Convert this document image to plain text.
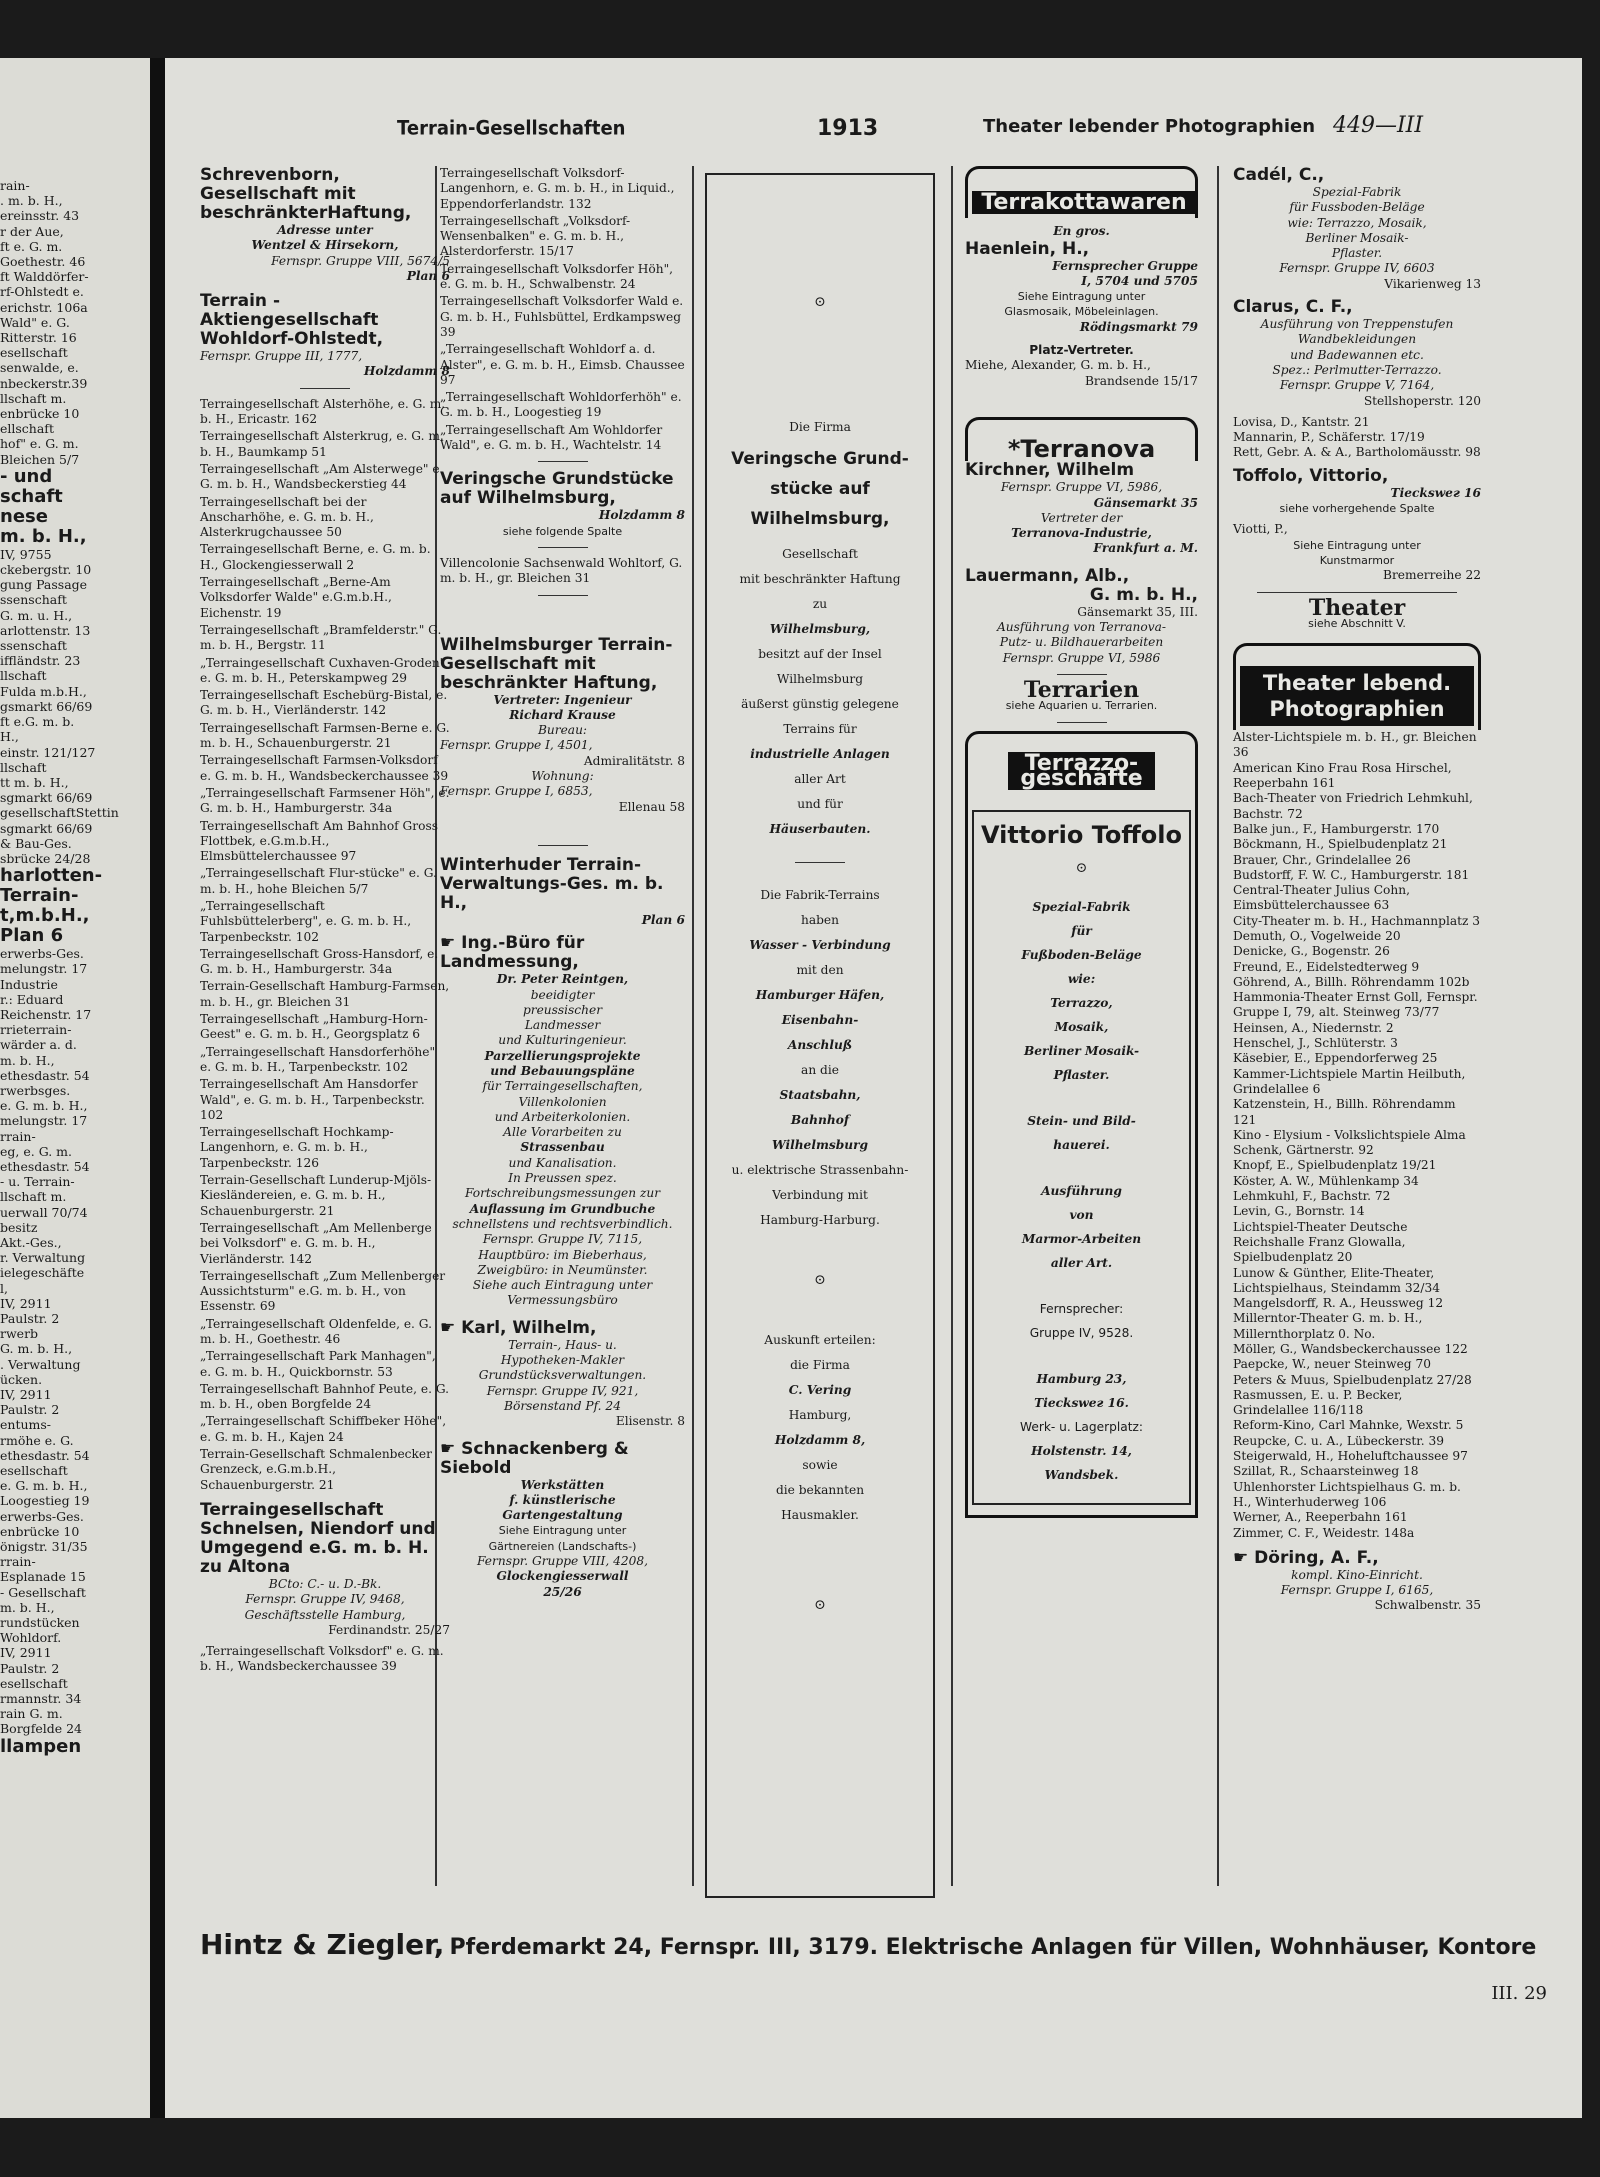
rain-
. m. b. H.,
ereinsstr. 43
r der Aue,
ft e. G. m.
Goethestr. 46
ft Walddörfer-
rf-Ohlstedt e.
erichstr. 106a
Wald" e. G.
Ritterstr. 16
esellschaft
senwalde, e.
nbeckerstr.39
llschaft m.
enbrücke 10
ellschaft
hof" e. G. m.
Bleichen 5/7
- und
schaft
nese
m. b. H.,
IV, 9755
ckebergstr. 10
gung Passage
ssenschaft
G. m. u. H.,
arlottenstr. 13
ssenschaft
iffländstr. 23
llschaft
Fulda m.b.H.,
gsmarkt 66/69
ft e.G. m. b.
H.,
einstr. 121/127
llschaft
tt m. b. H.,
sgmarkt 66/69
gesellschaftStettin
sgmarkt 66/69
& Bau-Ges.
sbrücke 24/28
harlotten-
Terrain-
t,m.b.H.,
Plan 6
erwerbs-Ges.
melungstr. 17
Industrie
r.: Eduard
Reichenstr. 17
rrieterrain-
wärder a. d.
m. b. H.,
ethesdastr. 54
rwerbsges.
e. G. m. b. H.,
melungstr. 17
rrain-
eg, e. G. m.
ethesdastr. 54
- u. Terrain-
llschaft m.
uerwall 70/74
besitz
Akt.-Ges.,
r. Verwaltung
ielegeschäfte
l,
IV, 2911
Paulstr. 2
rwerb
G. m. b. H.,
. Verwaltung
ücken.
IV, 2911
Paulstr. 2
entums-
rmöhe e. G.
ethesdastr. 54
esellschaft
e. G. m. b. H.,
Loogestieg 19
erwerbs-Ges.
enbrücke 10
önigstr. 31/35
rrain-
Esplanade 15
- Gesellschaft
m. b. H.,
rundstücken
Wohldorf.
IV, 2911
Paulstr. 2
esellschaft
rmannstr. 34
rain G. m.
Borgfelde 24
llampen
Terrain-Gesellschaften	1913	Theater lebender Photographien 449—III
Schrevenborn, Gesellschaft mit beschränkterHaftung,
Adresse unter
Wentzel & Hirsekorn,
Fernspr. Gruppe VIII, 5674/5
Plan 6
Terrain - Aktiengesellschaft Wohldorf-Ohlstedt,
Fernspr. Gruppe III, 1777,
Holzdamm 8
Terraingesellschaft Alsterhöhe, e. G. m. b. H., Ericastr. 162
Terraingesellschaft Alsterkrug, e. G. m. b. H., Baumkamp 51
Terraingesellschaft „Am Alsterwege" e. G. m. b. H., Wandsbeckerstieg 44
Terraingesellschaft bei der Anscharhöhe, e. G. m. b. H., Alsterkrugchaussee 50
Terraingesellschaft Berne, e. G. m. b. H., Glockengiesserwall 2
Terraingesellschaft „Berne-Am Volksdorfer Walde" e.G.m.b.H., Eichenstr. 19
Terraingesellschaft „Bramfelderstr." G. m. b. H., Bergstr. 11
„Terraingesellschaft Cuxhaven-Groden" e. G. m. b. H., Peterskampweg 29
Terraingesellschaft Eschebürg-Bistal, e. G. m. b. H., Vierländerstr. 142
Terraingesellschaft Farmsen-Berne e. G. m. b. H., Schauenburgerstr. 21
Terraingesellschaft Farmsen-Volksdorf e. G. m. b. H., Wandsbeckerchaussee 39
„Terraingesellschaft Farmsener Höh", e. G. m. b. H., Hamburgerstr. 34a
Terraingesellschaft Am Bahnhof Gross Flottbek, e.G.m.b.H., Elmsbüttelerchaussee 97
„Terraingesellschaft Flur-stücke" e. G. m. b. H., hohe Bleichen 5/7
„Terraingesellschaft Fuhlsbüttelerberg", e. G. m. b. H., Tarpenbeckstr. 102
Terraingesellschaft Gross-Hansdorf, e. G. m. b. H., Hamburgerstr. 34a
Terrain-Gesellschaft Hamburg-Farmsen, m. b. H., gr. Bleichen 31
Terraingesellschaft „Hamburg-Horn-Geest" e. G. m. b. H., Georgsplatz 6
„Terraingesellschaft Hansdorferhöhe" e. G. m. b. H., Tarpenbeckstr. 102
Terraingesellschaft Am Hansdorfer Wald", e. G. m. b. H., Tarpenbeckstr. 102
Terraingesellschaft Hochkamp-Langenhorn, e. G. m. b. H., Tarpenbeckstr. 126
Terrain-Gesellschaft Lunderup-Mjöls-Kiesländereien, e. G. m. b. H., Schauenburgerstr. 21
Terraingesellschaft „Am Mellenberge bei Volksdorf" e. G. m. b. H., Vierländerstr. 142
Terraingesellschaft „Zum Mellenberger Aussichtsturm" e.G. m. b. H., von Essenstr. 69
„Terraingesellschaft Oldenfelde, e. G. m. b. H., Goethestr. 46
„Terraingesellschaft Park Manhagen", e. G. m. b. H., Quickbornstr. 53
Terraingesellschaft Bahnhof Peute, e. G. m. b. H., oben Borgfelde 24
„Terraingesellschaft Schiffbeker Höhe", e. G. m. b. H., Kajen 24
Terrain-Gesellschaft Schmalenbecker Grenzeck, e.G.m.b.H., Schauenburgerstr. 21
Terraingesellschaft Schnelsen, Niendorf und Umgegend e.G. m. b. H. zu Altona
BCto: C.- u. D.-Bk.
Fernspr. Gruppe IV, 9468,
Geschäftsstelle Hamburg,
Ferdinandstr. 25/27
„Terraingesellschaft Volksdorf" e. G. m. b. H., Wandsbeckerchaussee 39
Terraingesellschaft Volksdorf-Langenhorn, e. G. m. b. H., in Liquid., Eppendorferlandstr. 132
Terraingesellschaft „Volksdorf-Wensenbalken" e. G. m. b. H., Alsterdorferstr. 15/17
Terraingesellschaft Volksdorfer Höh", e. G. m. b. H., Schwalbenstr. 24
Terraingesellschaft Volksdorfer Wald e. G. m. b. H., Fuhlsbüttel, Erdkampsweg 39
„Terraingesellschaft Wohldorf a. d. Alster", e. G. m. b. H., Eimsb. Chaussee 97
„Terraingesellschaft Wohldorferhöh" e. G. m. b. H., Loogestieg 19
„Terraingesellschaft Am Wohldorfer Wald", e. G. m. b. H., Wachtelstr. 14
Veringsche Grundstücke auf Wilhelmsburg,
Holzdamm 8
siehe folgende Spalte
Villencolonie Sachsenwald Wohltorf, G. m. b. H., gr. Bleichen 31
Wilhelmsburger Terrain-Gesellschaft mit beschränkter Haftung,
Vertreter: Ingenieur
Richard Krause
Bureau:
Fernspr. Gruppe I, 4501,
Admiralitätstr. 8
Wohnung:
Fernspr. Gruppe I, 6853,
Ellenau 58
Winterhuder Terrain-Verwaltungs-Ges. m. b. H.,
Plan 6
☛ Ing.-Büro für Landmessung,
Dr. Peter Reintgen,
beeidigter
preussischer
Landmesser
und Kulturingenieur.
Parzellierungsprojekte
und Bebauungspläne
für Terraingesellschaften,
Villenkolonien
und Arbeiterkolonien.
Alle Vorarbeiten zu
Strassenbau
und Kanalisation.
In Preussen spez.
Fortschreibungsmessungen zur
Auflassung im Grundbuche
schnellstens und rechtsverbindlich.
Fernspr. Gruppe IV, 7115,
Hauptbüro: im Bieberhaus,
Zweigbüro: in Neumünster.
Siehe auch Eintragung unter
Vermessungsbüro
☛ Karl, Wilhelm,
Terrain-, Haus- u.
Hypotheken-Makler
Grundstücksverwaltungen.
Fernspr. Gruppe IV, 921,
Börsenstand Pf. 24
Elisenstr. 8
☛ Schnackenberg & Siebold
Werkstätten
f. künstlerische
Gartengestaltung
Siehe Eintragung unter
Gärtnereien (Landschafts-)
Fernspr. Gruppe VIII, 4208,
Glockengiesserwall
25/26
⊙
Die Firma
Veringsche Grund-stücke auf Wilhelmsburg,
Gesellschaft
mit beschränkter Haftung
zu
Wilhelmsburg,
besitzt auf der Insel
Wilhelmsburg
äußerst günstig gelegene
Terrains für
industrielle Anlagen
aller Art
und für
Häuserbauten.
Die Fabrik-Terrains
haben
Wasser - Verbindung
mit den
Hamburger Häfen,
Eisenbahn-
Anschluß
an die
Staatsbahn,
Bahnhof
Wilhelmsburg
u. elektrische Strassenbahn-
Verbindung mit
Hamburg-Harburg.
⊙
Auskunft erteilen:
die Firma
C. Vering
Hamburg,
Holzdamm 8,
sowie
die bekannten
Hausmakler.
⊙
Terrakottawaren
En gros.
Haenlein, H.,
Fernsprecher Gruppe
I, 5704 und 5705
Siehe Eintragung unter
Glasmosaik, Möbeleinlagen.
Rödingsmarkt 79
Platz-Vertreter.
Miehe, Alexander, G. m. b. H.,
Brandsende 15/17
*Terranova
Kirchner, Wilhelm
Fernspr. Gruppe VI, 5986,
Gänsemarkt 35
Vertreter der
Terranova-Industrie,
Frankfurt a. M.
Lauermann, Alb.,
G. m. b. H.,
Gänsemarkt 35, III.
Ausführung von Terranova-
Putz- u. Bildhauerarbeiten
Fernspr. Gruppe VI, 5986
Terrarien
siehe Aquarien u. Terrarien.
Terrazzo-geschäfte
Vittorio Toffolo
⊙
Spezial-Fabrik
für
Fußboden-Beläge
wie:
Terrazzo,
Mosaik,
Berliner Mosaik-
Pflaster.
Stein- und Bild-
hauerei.
Ausführung
von
Marmor-Arbeiten
aller Art.
Fernsprecher:
Gruppe IV, 9528.
Hamburg 23,
Tieckswег 16.
Werk- u. Lagerplatz:
Holstenstr. 14,
Wandsbek.
Cadél, C.,
Spezial-Fabrik
für Fussboden-Beläge
wie: Terrazzo, Mosaik,
Berliner Mosaik-
Pflaster.
Fernspr. Gruppe IV, 6603
Vikarienweg 13
Clarus, C. F.,
Ausführung von Treppenstufen
Wandbekleidungen
und Badewannen etc.
Spez.: Perlmutter-Terrazzo.
Fernspr. Gruppe V, 7164,
Stellshoperstr. 120
Lovisa, D., Kantstr. 21
Mannarin, P., Schäferstr. 17/19
Rett, Gebr. A. & A., Bartholomäusstr. 98
Toffolo, Vittorio,
Tieckswег 16
siehe vorhergehende Spalte
Viotti, P.,
Siehe Eintragung unter
Kunstmarmor
Bremerreihe 22
Theater
siehe Abschnitt V.
Theater lebend. Photographien
Alster-Lichtspiele m. b. H., gr. Bleichen 36
American Kino Frau Rosa Hirschel, Reeperbahn 161
Bach-Theater von Friedrich Lehmkuhl, Bachstr. 72
Balke jun., F., Hamburgerstr. 170
Böckmann, H., Spielbudenplatz 21
Brauer, Chr., Grindelallee 26
Budstorff, F. W. C., Hamburgerstr. 181
Central-Theater Julius Cohn, Eimsbüttelerchaussee 63
City-Theater m. b. H., Hachmannplatz 3
Demuth, O., Vogelweide 20
Denicke, G., Bogenstr. 26
Freund, E., Eidelstedterweg 9
Göhrend, A., Billh. Röhrendamm 102b
Hammonia-Theater Ernst Goll, Fernspr. Gruppe I, 79, alt. Steinweg 73/77
Heinsen, A., Niedernstr. 2
Henschel, J., Schlüterstr. 3
Käsebier, E., Eppendorferweg 25
Kammer-Lichtspiele Martin Heilbuth, Grindelallee 6
Katzenstein, H., Billh. Röhrendamm 121
Kino - Elysium - Volkslichtspiele Alma Schenk, Gärtnerstr. 92
Knopf, E., Spielbudenplatz 19/21
Köster, A. W., Mühlenkamp 34
Lehmkuhl, F., Bachstr. 72
Levin, G., Bornstr. 14
Lichtspiel-Theater Deutsche Reichshalle Franz Glowalla, Spielbudenplatz 20
Lunow & Günther, Elite-Theater, Lichtspielhaus, Steindamm 32/34
Mangelsdorff, R. A., Heussweg 12
Millerntor-Theater G. m. b. H., Millernthorplatz 0. No.
Möller, G., Wandsbeckerchaussee 122
Paepcke, W., neuer Steinweg 70
Peters & Muus, Spielbudenplatz 27/28
Rasmussen, E. u. P. Becker, Grindelallee 116/118
Reform-Kino, Carl Mahnke, Wexstr. 5
Reupcke, C. u. A., Lübeckerstr. 39
Steigerwald, H., Hoheluftchaussee 97
Szillat, R., Schaarsteinweg 18
Uhlenhorster Lichtspielhaus G. m. b. H., Winterhuderweg 106
Werner, A., Reeperbahn 161
Zimmer, C. F., Weidestr. 148a
☛ Döring, A. F.,
kompl. Kino-Einricht.
Fernspr. Gruppe I, 6165,
Schwalbenstr. 35
Hintz & Ziegler, Pferdemarkt 24, Fernspr. III, 3179. Elektrische Anlagen für Villen, Wohnhäuser, Kontore
III. 29
